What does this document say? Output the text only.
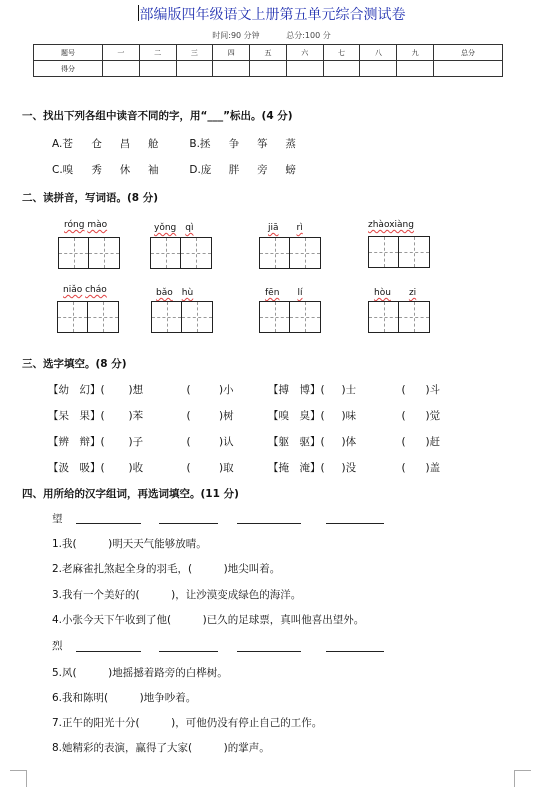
部编版四年级语文上册第五单元综合测试卷
时间:90 分钟	总分:100 分
题号	一	二	三	四	五	六	七	八	九	总分
得分										
一、找出下列各组中读音不同的字，用“___”标出。(4 分)
A.苍 仓 昌 舱	B.拯 争 筝 蒸
C.嗅 秀 休 袖	D.庞 胖 旁 螃
二、读拼音，写词语。(8 分)
róng mào	yǒng　 qì	jiā　　 rì	zhàoxiàng
niǎo cháo	bǎo　 hù	fēn　　 lí	hòu　　 zi
三、选字填空。(8 分)
【幼　幻】(　)想	　(　　)小	【搏　博】(　)士	　(　)斗
【呆　果】(　)苯	　(　　)树	【嗅　臭】(　)味	　(　)觉
【辨　辩】(　)子	　(　　)认	【躯　驱】(　)体	　(　)赶
【汲　吸】(　)收	　(　　)取	【掩　淹】(　)没	　(　)盖
四、用所给的汉字组词，再选词填空。(11 分)
望
1.我(　　　)明天天气能够放晴。
2.老麻雀扎煞起全身的羽毛，(　　　)地尖叫着。
3.我有一个美好的(　　　)，让沙漠变成绿色的海洋。
4.小张今天下午收到了他(　　　)已久的足球票，真叫他喜出望外。
烈
5.风(　　　)地摇撼着路旁的白桦树。
6.我和陈明(　　　)地争吵着。
7.正午的阳光十分(　　　)，可他仍没有停止自己的工作。
8.她精彩的表演，赢得了大家(　　　)的掌声。
